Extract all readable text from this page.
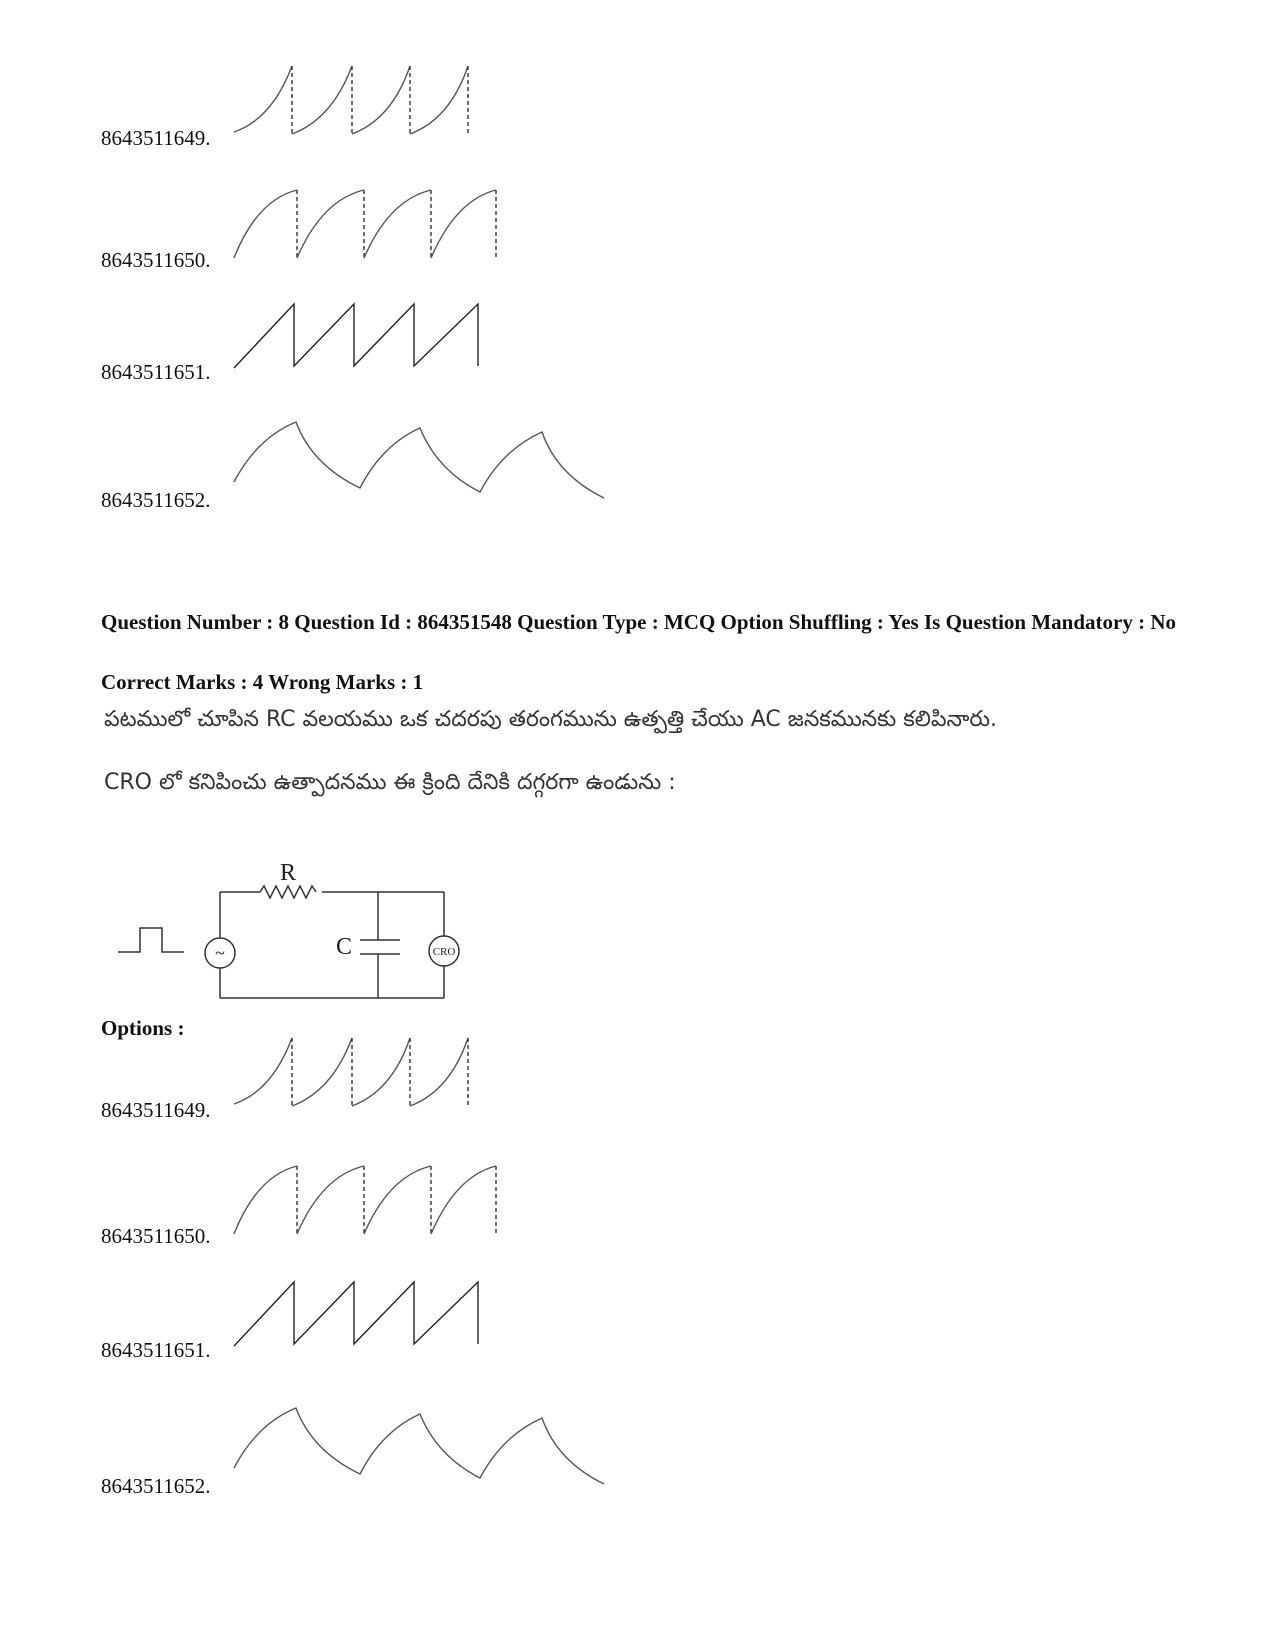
8643511649.
8643511650.
8643511651.
8643511652.
Question Number : 8 Question Id : 864351548 Question Type : MCQ Option Shuffling : Yes Is Question Mandatory : No
Correct Marks : 4 Wrong Marks : 1
పటములో చూపిన RC వలయము ఒక చదరపు తరంగమును ఉత్పత్తి చేయు AC జనకమునకు కలిపినారు.
CRO లో కనిపించు ఉత్పాదనము ఈ క్రింది దేనికి దగ్గరగా ఉండును :
~
R
C	CRO
Options :
8643511649.
8643511650.
8643511651.
8643511652.
